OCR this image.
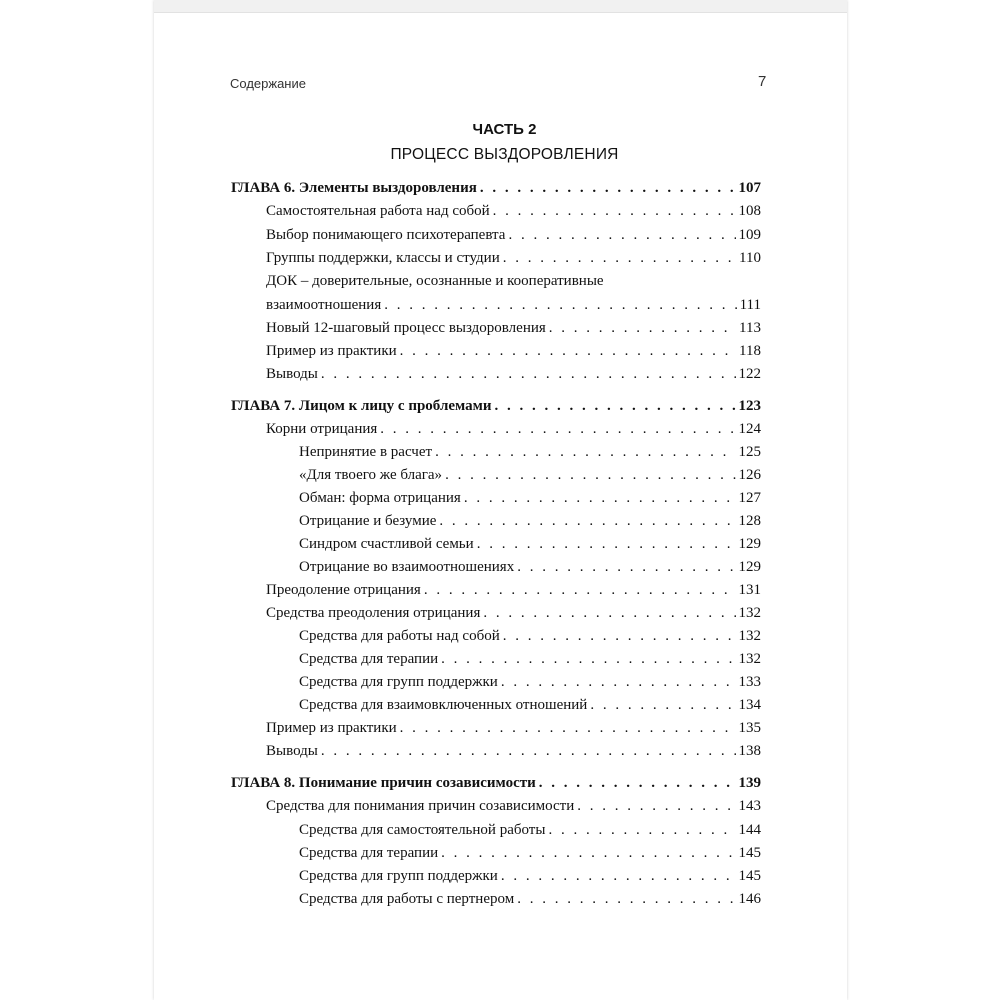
Содержание	7
ЧАСТЬ 2
ПРОЦЕСС ВЫЗДОРОВЛЕНИЯ
ГЛАВА 6. Элементы выздоровления . . .	107
Самостоятельная работа над собой . . .	108
Выбор понимающего психотерапевта . . .	109
Группы поддержки, классы и студии . . .	110
ДОК – доверительные, осознанные и кооперативные
взаимоотношения . . .	111
Новый 12-шаговый процесс выздоровления . . .	113
Пример из практики . . .	118
Выводы . . .	122
ГЛАВА 7. Лицом к лицу с проблемами . . .	123
Корни отрицания . . .	124
Непринятие в расчет . . .	125
«Для твоего же блага» . . .	126
Обман: форма отрицания . . .	127
Отрицание и безумие . . .	128
Синдром счастливой семьи . . .	129
Отрицание во взаимоотношениях . . .	129
Преодоление отрицания . . .	131
Средства преодоления отрицания . . .	132
Средства для работы над собой . . .	132
Средства для терапии . . .	132
Средства для групп поддержки . . .	133
Средства для взаимовключенных отношений . . .	134
Пример из практики . . .	135
Выводы . . .	138
ГЛАВА 8. Понимание причин созависимости . . .	139
Средства для понимания причин созависимости . . .	143
Средства для самостоятельной работы . . .	144
Средства для терапии . . .	145
Средства для групп поддержки . . .	145
Средства для работы с пертнером . . .	146
